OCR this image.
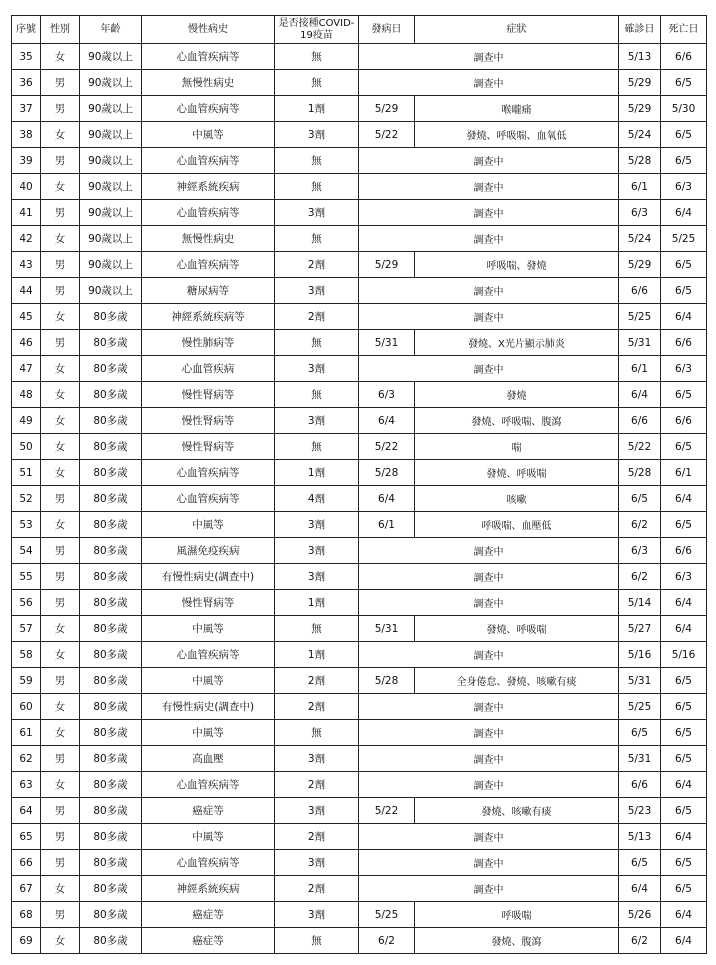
序號	性別	年齡	慢性病史	是否接種COVID-19疫苗	發病日	症狀	確診日	死亡日
35	女	90歲以上	心血管疾病等	無	調查中		5/13	6/6
36	男	90歲以上	無慢性病史	無	調查中		5/29	6/5
37	男	90歲以上	心血管疾病等	1劑	5/29	喉嚨痛	5/29	5/30
38	女	90歲以上	中風等	3劑	5/22	發燒、呼吸喘、血氧低	5/24	6/5
39	男	90歲以上	心血管疾病等	無	調查中		5/28	6/5
40	女	90歲以上	神經系統疾病	無	調查中		6/1	6/3
41	男	90歲以上	心血管疾病等	3劑	調查中		6/3	6/4
42	女	90歲以上	無慢性病史	無	調查中		5/24	5/25
43	男	90歲以上	心血管疾病等	2劑	5/29	呼吸喘、發燒	5/29	6/5
44	男	90歲以上	糖尿病等	3劑	調查中		6/6	6/5
45	女	80多歲	神經系統疾病等	2劑	調查中		5/25	6/4
46	男	80多歲	慢性肺病等	無	5/31	發燒、X光片顯示肺炎	5/31	6/6
47	女	80多歲	心血管疾病	3劑	調查中		6/1	6/3
48	女	80多歲	慢性腎病等	無	6/3	發燒	6/4	6/5
49	女	80多歲	慢性腎病等	3劑	6/4	發燒、呼吸喘、腹瀉	6/6	6/6
50	女	80多歲	慢性腎病等	無	5/22	喘	5/22	6/5
51	女	80多歲	心血管疾病等	1劑	5/28	發燒、呼吸喘	5/28	6/1
52	男	80多歲	心血管疾病等	4劑	6/4	咳嗽	6/5	6/4
53	女	80多歲	中風等	3劑	6/1	呼吸喘、血壓低	6/2	6/5
54	男	80多歲	風濕免疫疾病	3劑	調查中		6/3	6/6
55	男	80多歲	有慢性病史(調查中)	3劑	調查中		6/2	6/3
56	男	80多歲	慢性腎病等	1劑	調查中		5/14	6/4
57	女	80多歲	中風等	無	5/31	發燒、呼吸喘	5/27	6/4
58	女	80多歲	心血管疾病等	1劑	調查中		5/16	5/16
59	男	80多歲	中風等	2劑	5/28	全身倦怠、發燒、咳嗽有痰	5/31	6/5
60	女	80多歲	有慢性病史(調查中)	2劑	調查中		5/25	6/5
61	女	80多歲	中風等	無	調查中		6/5	6/5
62	男	80多歲	高血壓	3劑	調查中		5/31	6/5
63	女	80多歲	心血管疾病等	2劑	調查中		6/6	6/4
64	男	80多歲	癌症等	3劑	5/22	發燒、咳嗽有痰	5/23	6/5
65	男	80多歲	中風等	2劑	調查中		5/13	6/4
66	男	80多歲	心血管疾病等	3劑	調查中		6/5	6/5
67	女	80多歲	神經系統疾病	2劑	調查中		6/4	6/5
68	男	80多歲	癌症等	3劑	5/25	呼吸喘	5/26	6/4
69	女	80多歲	癌症等	無	6/2	發燒、腹瀉	6/2	6/4
